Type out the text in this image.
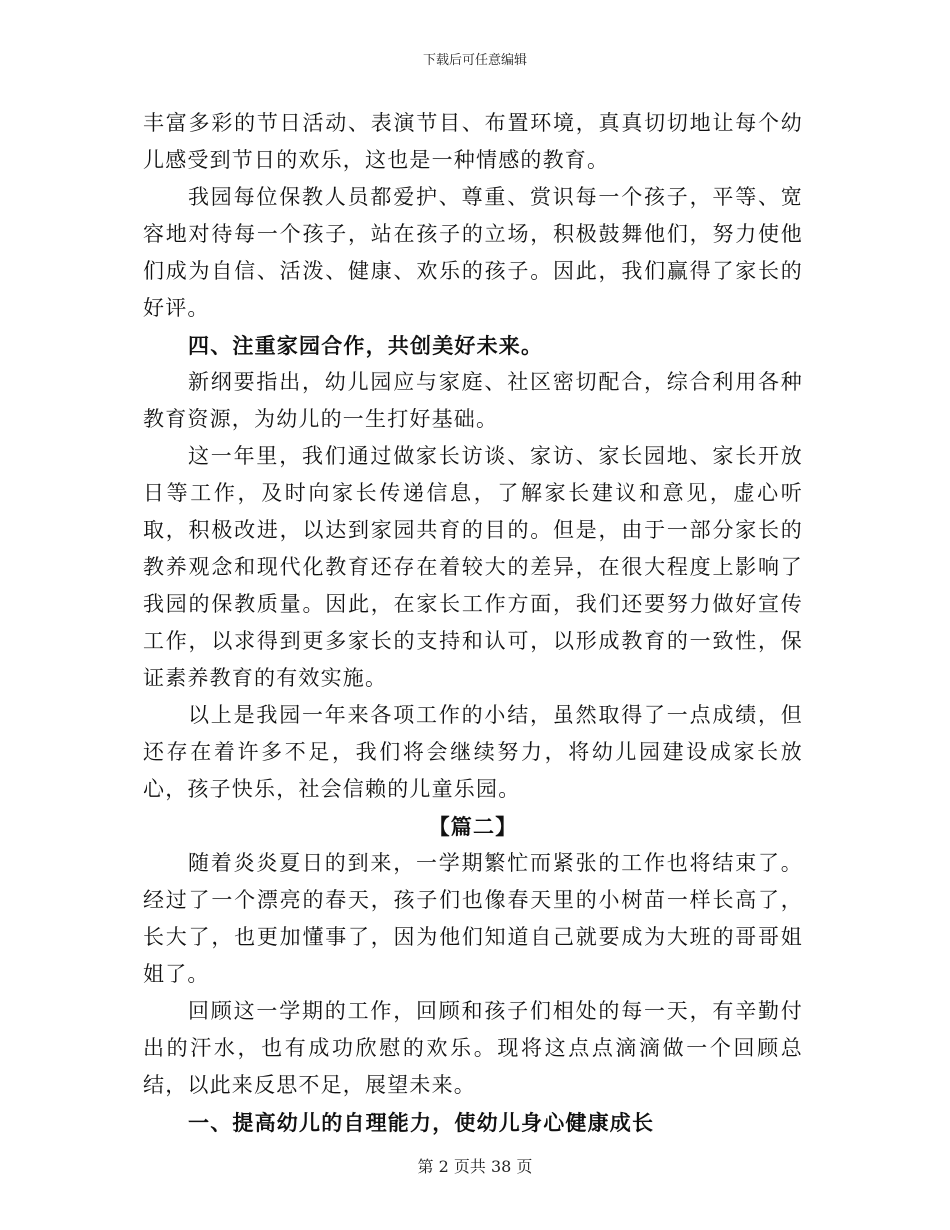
下载后可任意编辑

丰富多彩的节日活动、表演节目、布置环境，真真切切地让每个幼儿感受到节日的欢乐，这也是一种情感的教育。

我园每位保教人员都爱护、尊重、赏识每一个孩子，平等、宽容地对待每一个孩子，站在孩子的立场，积极鼓舞他们，努力使他们成为自信、活泼、健康、欢乐的孩子。因此，我们赢得了家长的好评。

四、注重家园合作，共创美好未来。

新纲要指出，幼儿园应与家庭、社区密切配合，综合利用各种教育资源，为幼儿的一生打好基础。

这一年里，我们通过做家长访谈、家访、家长园地、家长开放日等工作，及时向家长传递信息，了解家长建议和意见，虚心听取，积极改进，以达到家园共育的目的。但是，由于一部分家长的教养观念和现代化教育还存在着较大的差异，在很大程度上影响了我园的保教质量。因此，在家长工作方面，我们还要努力做好宣传工作，以求得到更多家长的支持和认可，以形成教育的一致性，保证素养教育的有效实施。

以上是我园一年来各项工作的小结，虽然取得了一点成绩，但还存在着许多不足，我们将会继续努力，将幼儿园建设成家长放心，孩子快乐，社会信赖的儿童乐园。

【篇二】

随着炎炎夏日的到来，一学期繁忙而紧张的工作也将结束了。经过了一个漂亮的春天，孩子们也像春天里的小树苗一样长高了，长大了，也更加懂事了，因为他们知道自己就要成为大班的哥哥姐姐了。

回顾这一学期的工作，回顾和孩子们相处的每一天，有辛勤付出的汗水，也有成功欣慰的欢乐。现将这点点滴滴做一个回顾总结，以此来反思不足，展望未来。

一、提高幼儿的自理能力，使幼儿身心健康成长

第 2 页共 38 页
